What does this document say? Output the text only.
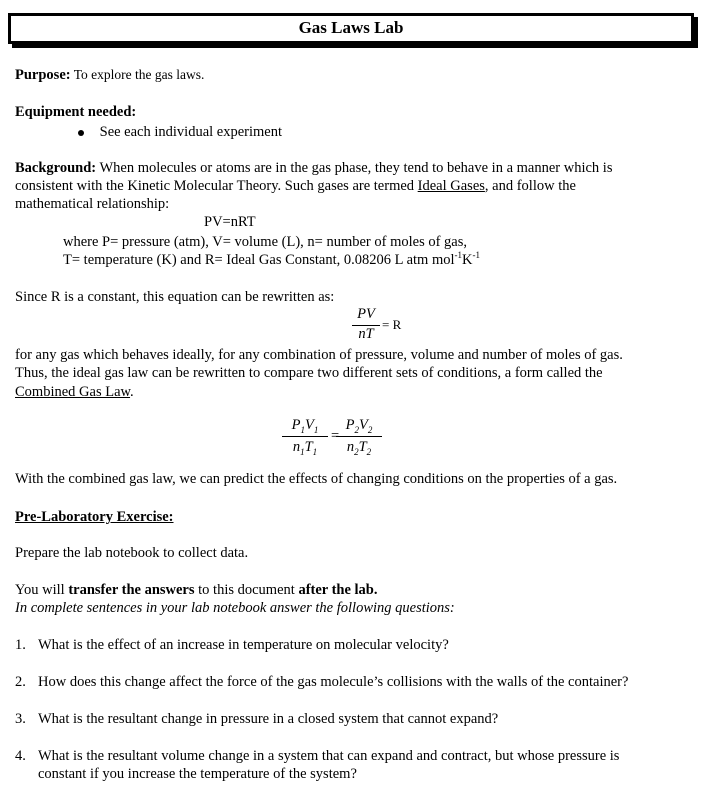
Gas Laws Lab
Purpose: To explore the gas laws.
Equipment needed:
See each individual experiment
Background: When molecules or atoms are in the gas phase, they tend to behave in a manner which is
consistent with the Kinetic Molecular Theory. Such gases are termed Ideal Gases, and follow the
mathematical relationship:
PV=nRT
where P= pressure (atm), V= volume (L), n= number of moles of gas,
T= temperature (K) and R= Ideal Gas Constant, 0.08206 L atm $mol^{-1}K^{-1}$
Since R is a constant, this equation can be rewritten as:
PV
nT
= R
for any gas which behaves ideally, for any combination of pressure, volume and number of moles of gas.
Thus, the ideal gas law can be rewritten to compare two different sets of conditions, a form called the
Combined Gas Law.
$P_1V_1$
$n_1T_1$
=
$P_2V_2$
$n_2T_2$
With the combined gas law, we can predict the effects of changing conditions on the properties of a gas.
Pre-Laboratory Exercise:
Prepare the lab notebook to collect data.
You will transfer the answers to this document after the lab.
In complete sentences in your lab notebook answer the following questions:
1. What is the effect of an increase in temperature on molecular velocity?
2. How does this change affect the force of the gas molecule’s collisions with the walls of the container?
3. What is the resultant change in pressure in a closed system that cannot expand?
4. What is the resultant volume change in a system that can expand and contract, but whose pressure is
constant if you increase the temperature of the system?
